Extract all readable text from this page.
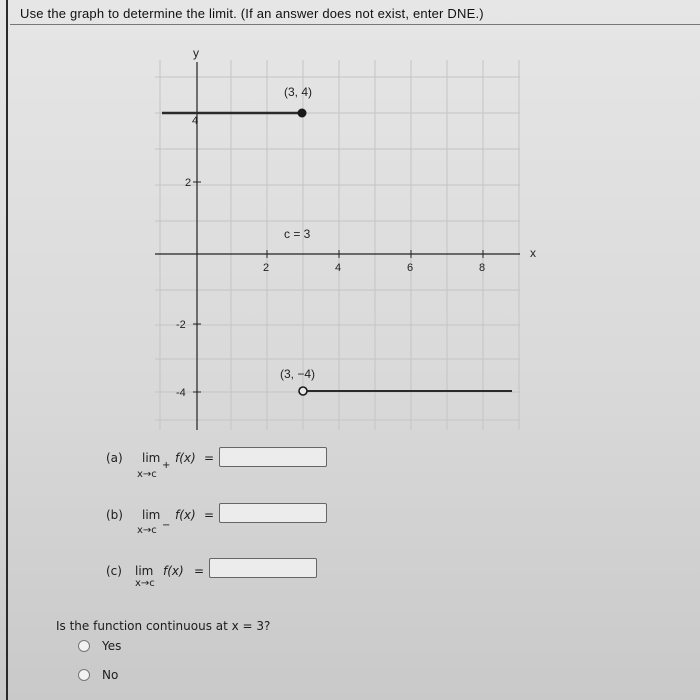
Use the graph to determine the limit. (If an answer does not exist, enter DNE.)
y
x
2	4	6	8
4
2
-2
-4
(3, 4)
c = 3
(3, −4)
(a) lim
x→c
+
f(x) =
(b) lim
x→c −
f(x) =
(c) lim
x→c
f(x) =
Is the function continuous at x = 3?
Yes
No
